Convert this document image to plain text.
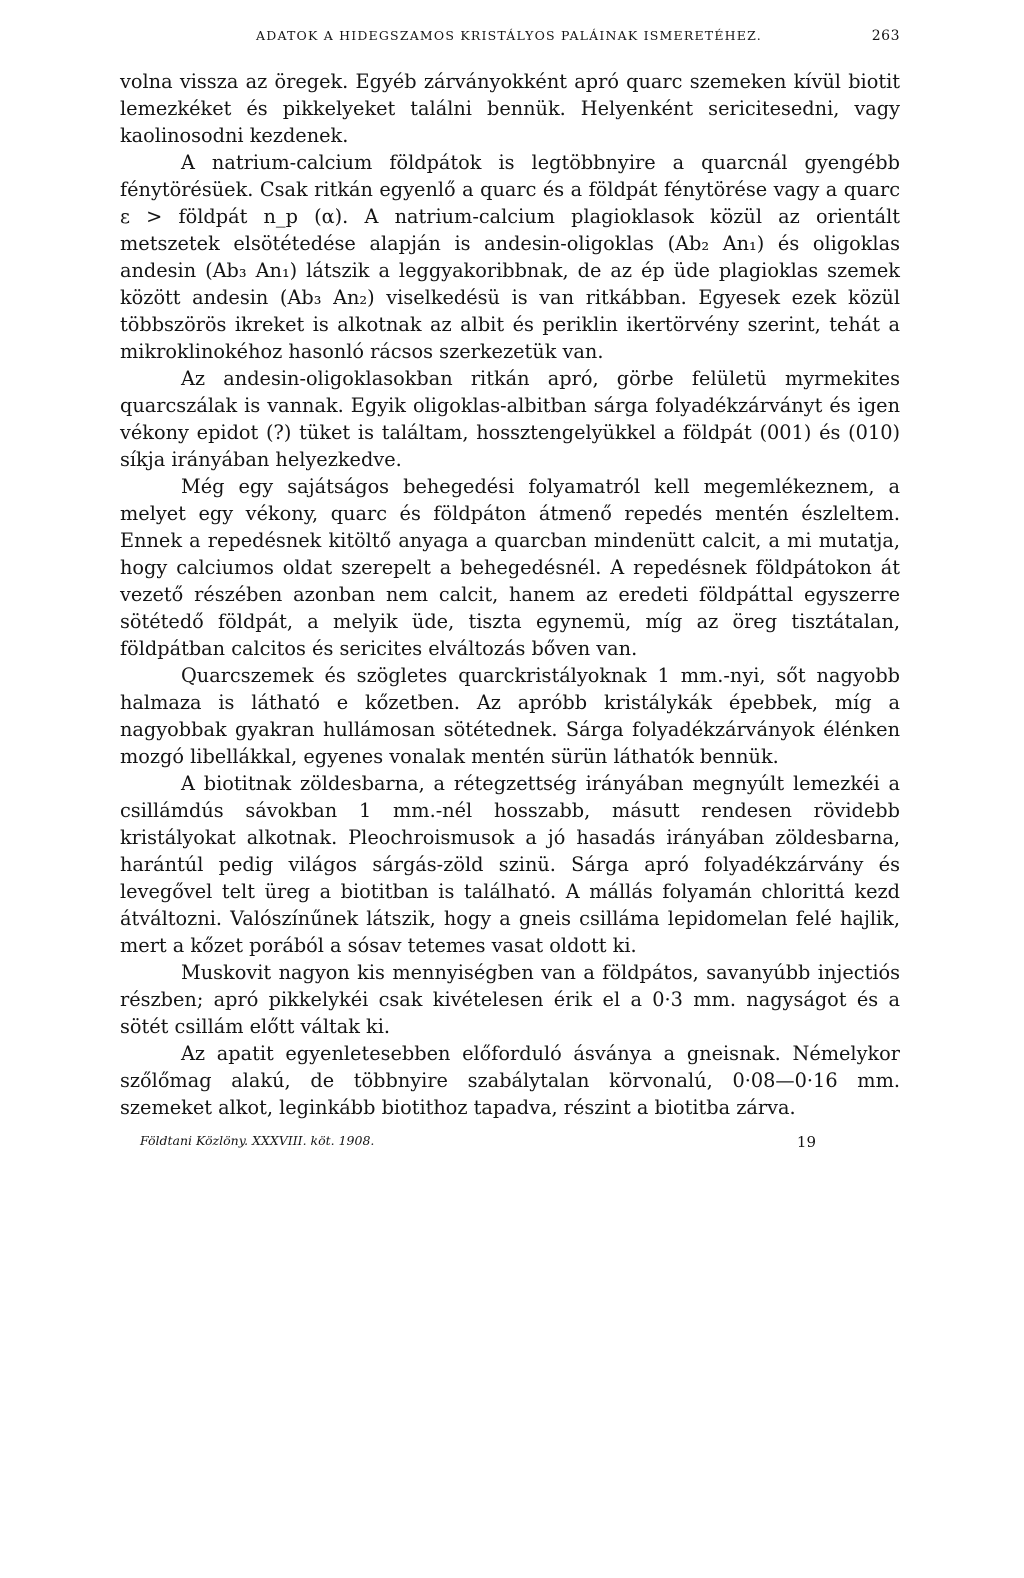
ADATOK A HIDEGSZAMOS KRISTÁLYOS PALÁINAK ISMERETÉHEZ.	263

volna vissza az öregek. Egyéb zárványokként apró quarc szemeken kívül biotit lemezkéket és pikkelyeket találni bennük. Helyenként sericitesedni, vagy kaolinosodni kezdenek.

A natrium-calcium földpátok is legtöbbnyire a quarcnál gyengébb fénytörésüek. Csak ritkán egyenlő a quarc és a földpát fénytörése vagy a quarc ε > földpát n_p (α). A natrium-calcium plagioklasok közül az orientált metszetek elsötétedése alapján is andesin-oligoklas (Ab₂ An₁) és oligoklas andesin (Ab₃ An₁) látszik a leggyakoribbnak, de az ép üde plagioklas szemek között andesin (Ab₃ An₂) viselkedésü is van ritkábban. Egyesek ezek közül többszörös ikreket is alkotnak az albit és periklin ikertörvény szerint, tehát a mikroklinokéhoz hasonló rácsos szerkezetük van.

Az andesin-oligoklasokban ritkán apró, görbe felületü myrmekites quarcszálak is vannak. Egyik oligoklas-albitban sárga folyadékzárványt és igen vékony epidot (?) tüket is találtam, hossztengelyükkel a földpát (001) és (010) síkja irányában helyezkedve.

Még egy sajátságos behegedési folyamatról kell megemlékeznem, a melyet egy vékony, quarc és földpáton átmenő repedés mentén észleltem. Ennek a repedésnek kitöltő anyaga a quarcban mindenütt calcit, a mi mutatja, hogy calciumos oldat szerepelt a behegedésnél. A repedésnek földpátokon át vezető részében azonban nem calcit, hanem az eredeti földpáttal egyszerre sötétedő földpát, a melyik üde, tiszta egynemü, míg az öreg tisztátalan, földpátban calcitos és sericites elváltozás bőven van.

Quarcszemek és szögletes quarckristályoknak 1 mm.-nyi, sőt nagyobb halmaza is látható e kőzetben. Az apróbb kristálykák épebbek, míg a nagyobbak gyakran hullámosan sötétednek. Sárga folyadékzárványok élénken mozgó libellákkal, egyenes vonalak mentén sürün láthatók bennük.

A biotitnak zöldesbarna, a rétegzettség irányában megnyúlt lemezkéi a csillámdús sávokban 1 mm.-nél hosszabb, másutt rendesen rövidebb kristályokat alkotnak. Pleochroismusok a jó hasadás irányában zöldesbarna, harántúl pedig világos sárgás-zöld szinü. Sárga apró folyadékzárvány és levegővel telt üreg a biotitban is található. A mállás folyamán chlorittá kezd átváltozni. Valószínűnek látszik, hogy a gneis csillámа lepidomelan felé hajlik, mert a kőzet porából a sósav tetemes vasat oldott ki.

Muskovit nagyon kis mennyiségben van a földpátos, savanyúbb injectiós részben; apró pikkelykéi csak kivételesen érik el a 0·3 mm. nagyságot és a sötét csillám előtt váltak ki.

Az apatit egyenletesebben előforduló ásványa a gneisnak. Némelykor szőlőmag alakú, de többnyire szabálytalan körvonalú, 0·08—0·16 mm. szemeket alkot, leginkább biotithoz tapadva, részint a biotitba zárva.

Földtani Közlöny. XXXVIII. köt. 1908.	19
